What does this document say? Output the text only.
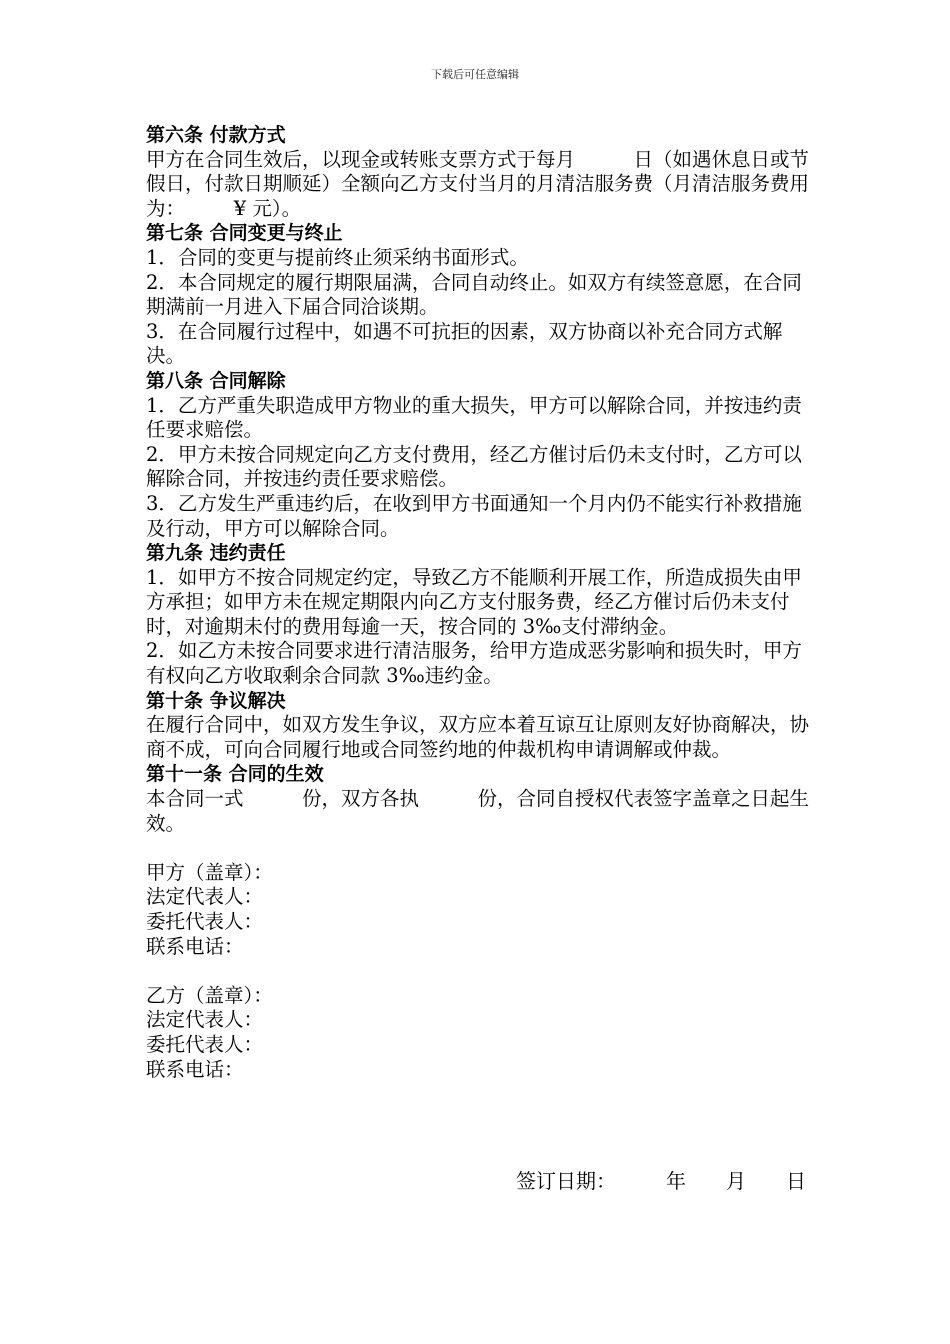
下载后可任意编辑

第六条 付款方式

甲方在合同生效后，以现金或转账支票方式于每月　　　日（如遇休息日或节假日，付款日期顺延）全额向乙方支付当月的月清洁服务费（月清洁服务费用为：　　　¥ 元）。

第七条 合同变更与终止

1．合同的变更与提前终止须采纳书面形式。

2．本合同规定的履行期限届满，合同自动终止。如双方有续签意愿，在合同期满前一月进入下届合同洽谈期。

3．在合同履行过程中，如遇不可抗拒的因素，双方协商以补充合同方式解决。

第八条 合同解除

1．乙方严重失职造成甲方物业的重大损失，甲方可以解除合同，并按违约责任要求赔偿。

2．甲方未按合同规定向乙方支付费用，经乙方催讨后仍未支付时，乙方可以解除合同，并按违约责任要求赔偿。

3．乙方发生严重违约后，在收到甲方书面通知一个月内仍不能实行补救措施及行动，甲方可以解除合同。

第九条 违约责任

1．如甲方不按合同规定约定，导致乙方不能顺利开展工作，所造成损失由甲方承担；如甲方未在规定期限内向乙方支付服务费，经乙方催讨后仍未支付时，对逾期未付的费用每逾一天，按合同的 3‰支付滞纳金。

2．如乙方未按合同要求进行清洁服务，给甲方造成恶劣影响和损失时，甲方有权向乙方收取剩余合同款 3‰违约金。

第十条 争议解决

在履行合同中，如双方发生争议，双方应本着互谅互让原则友好协商解决，协商不成，可向合同履行地或合同签约地的仲裁机构申请调解或仲裁。

第十一条 合同的生效

本合同一式　　　份，双方各执　　　份，合同自授权代表签字盖章之日起生效。

甲方（盖章）：

法定代表人：

委托代表人：

联系电话：

乙方（盖章）：

法定代表人：

委托代表人：

联系电话：

签订日期：　　　年　　月　　日
